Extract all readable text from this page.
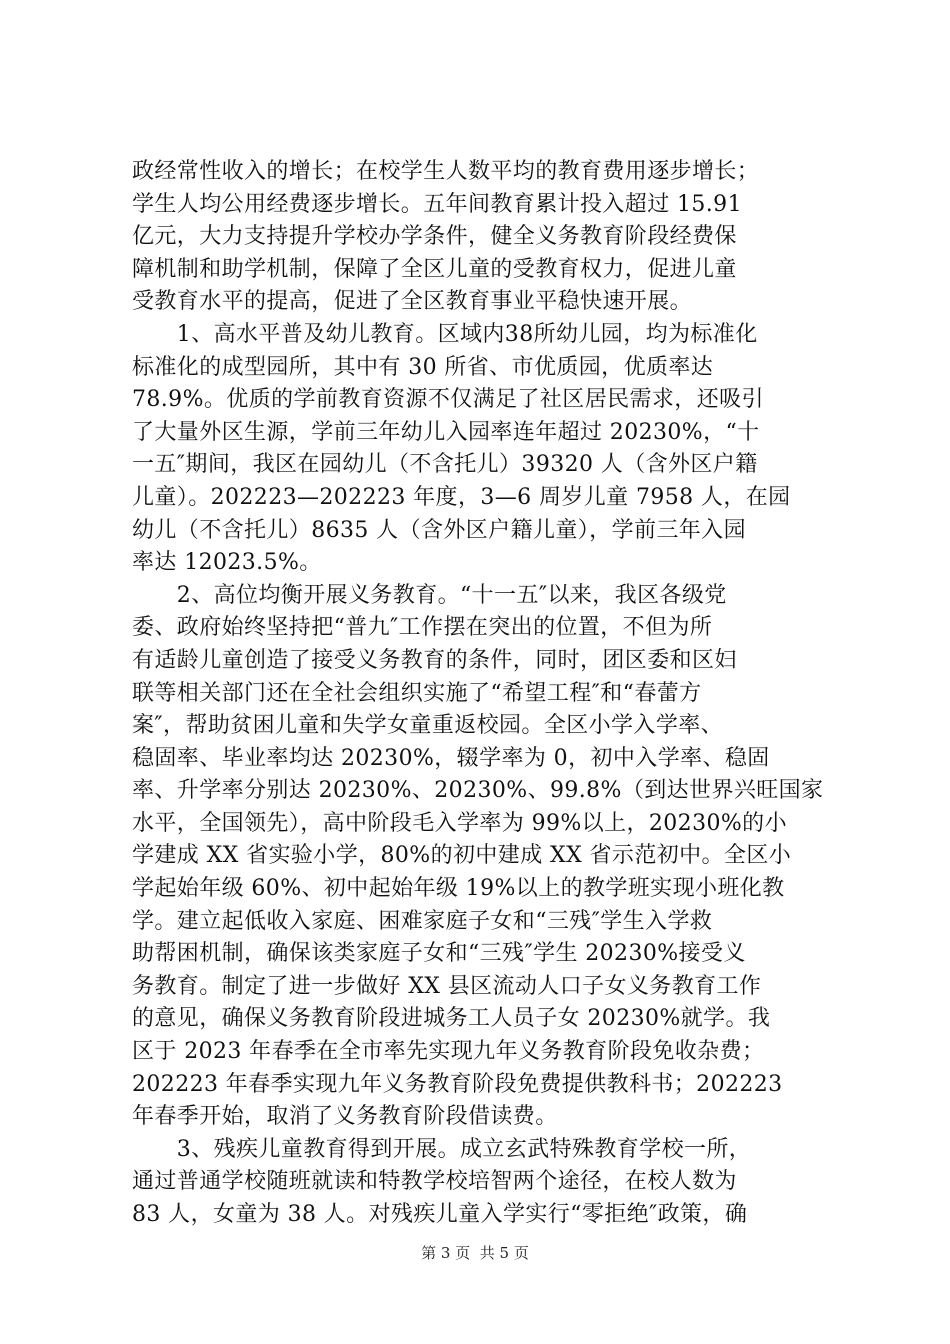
政经常性收入的增长；在校学生人数平均的教育费用逐步增长；
学生人均公用经费逐步增长。五年间教育累计投入超过 15.91
亿元，大力支持提升学校办学条件，健全义务教育阶段经费保
障机制和助学机制，保障了全区儿童的受教育权力，促进儿童
受教育水平的提高，促进了全区教育事业平稳快速开展。
　　1、高水平普及幼儿教育。区域内38所幼儿园，均为标准化
标准化的成型园所，其中有 30 所省、市优质园，优质率达
78.9%。优质的学前教育资源不仅满足了社区居民需求，还吸引
了大量外区生源，学前三年幼儿入园率连年超过 20230%，“十
一五″期间，我区在园幼儿（不含托儿）39320 人（含外区户籍
儿童）。202223—202223 年度，3—6 周岁儿童 7958 人，在园
幼儿（不含托儿）8635 人（含外区户籍儿童），学前三年入园
率达 12023.5%。
　　2、高位均衡开展义务教育。“十一五″以来，我区各级党
委、政府始终坚持把“普九″工作摆在突出的位置，不但为所
有适龄儿童创造了接受义务教育的条件，同时，团区委和区妇
联等相关部门还在全社会组织实施了“希望工程″和“春蕾方
案″，帮助贫困儿童和失学女童重返校园。全区小学入学率、
稳固率、毕业率均达 20230%，辍学率为 0，初中入学率、稳固
率、升学率分别达 20230%、20230%、99.8%（到达世界兴旺国家
水平，全国领先），高中阶段毛入学率为 99%以上，20230%的小
学建成 XX 省实验小学，80%的初中建成 XX 省示范初中。全区小
学起始年级 60%、初中起始年级 19%以上的教学班实现小班化教
学。建立起低收入家庭、困难家庭子女和“三残″学生入学救
助帮困机制，确保该类家庭子女和“三残″学生 20230%接受义
务教育。制定了进一步做好 XX 县区流动人口子女义务教育工作
的意见，确保义务教育阶段进城务工人员子女 20230%就学。我
区于 2023 年春季在全市率先实现九年义务教育阶段免收杂费；
202223 年春季实现九年义务教育阶段免费提供教科书；202223
年春季开始，取消了义务教育阶段借读费。
　　3、残疾儿童教育得到开展。成立玄武特殊教育学校一所，
通过普通学校随班就读和特教学校培智两个途径，在校人数为
83 人，女童为 38 人。对残疾儿童入学实行“零拒绝″政策，确
第 3 页  共 5 页
